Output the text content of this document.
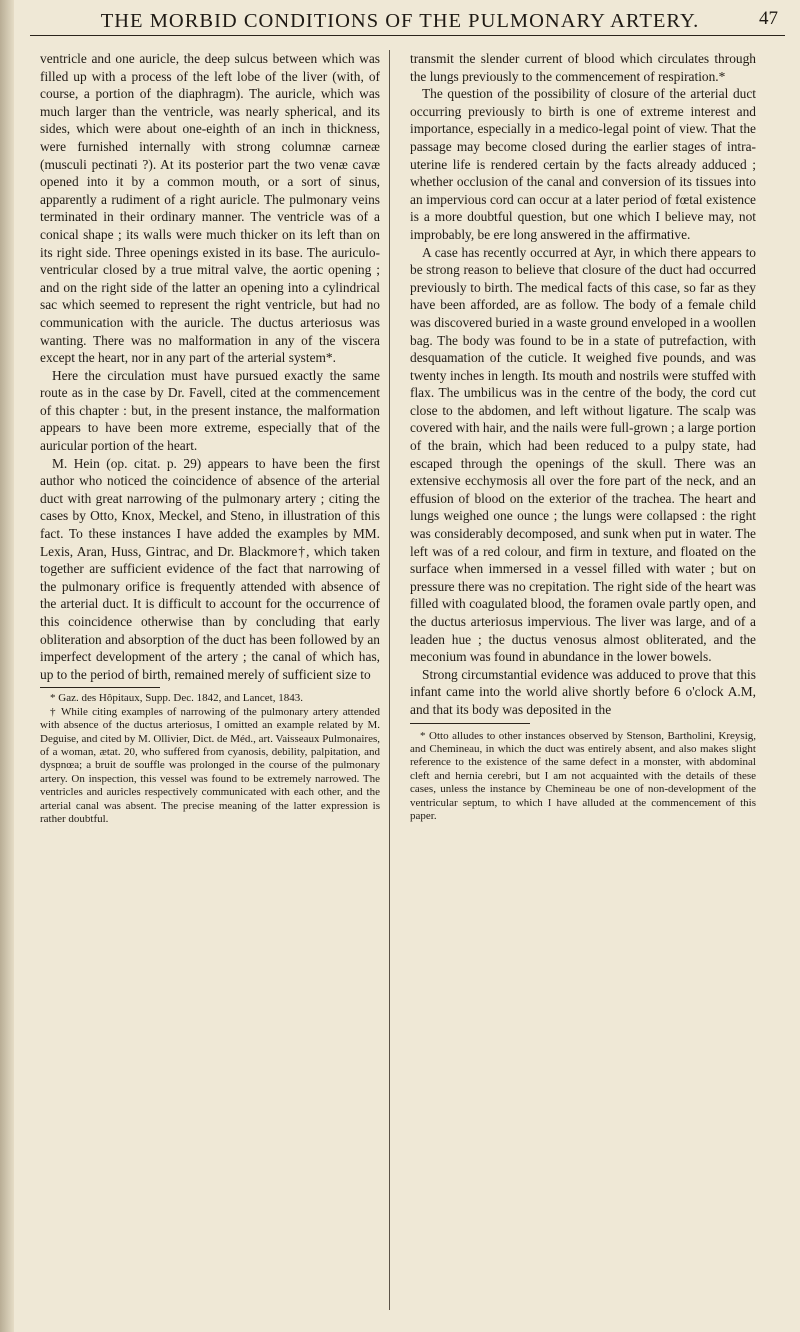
THE MORBID CONDITIONS OF THE PULMONARY ARTERY.	47

ventricle and one auricle, the deep sulcus between which was filled up with a process of the left lobe of the liver (with, of course, a portion of the diaphragm). The auricle, which was much larger than the ventricle, was nearly spherical, and its sides, which were about one-eighth of an inch in thickness, were furnished internally with strong columnæ carneæ (musculi pectinati ?). At its posterior part the two venæ cavæ opened into it by a common mouth, or a sort of sinus, apparently a rudiment of a right auricle. The pulmonary veins terminated in their ordinary manner. The ventricle was of a conical shape ; its walls were much thicker on its left than on its right side. Three openings existed in its base. The auriculo-ventricular closed by a true mitral valve, the aortic opening ; and on the right side of the latter an opening into a cylindrical sac which seemed to represent the right ventricle, but had no communication with the auricle. The ductus arteriosus was wanting. There was no malformation in any of the viscera except the heart, nor in any part of the arterial system*.

Here the circulation must have pursued exactly the same route as in the case by Dr. Favell, cited at the commencement of this chapter : but, in the present instance, the malformation appears to have been more extreme, especially that of the auricular portion of the heart.

M. Hein (op. citat. p. 29) appears to have been the first author who noticed the coincidence of absence of the arterial duct with great narrowing of the pulmonary artery ; citing the cases by Otto, Knox, Meckel, and Steno, in illustration of this fact. To these instances I have added the examples by MM. Lexis, Aran, Huss, Gintrac, and Dr. Blackmore†, which taken together are sufficient evidence of the fact that narrowing of the pulmonary orifice is frequently attended with absence of the arterial duct. It is difficult to account for the occurrence of this coincidence otherwise than by concluding that early obliteration and absorption of the duct has been followed by an imperfect development of the artery ; the canal of which has, up to the period of birth, remained merely of sufficient size to

* Gaz. des Hôpitaux, Supp. Dec. 1842, and Lancet, 1843.

† While citing examples of narrowing of the pulmonary artery attended with absence of the ductus arteriosus, I omitted an example related by M. Deguise, and cited by M. Ollivier, Dict. de Méd., art. Vaisseaux Pulmonaires, of a woman, ætat. 20, who suffered from cyanosis, debility, palpitation, and dyspnœa; a bruit de souffle was prolonged in the course of the pulmonary artery. On inspection, this vessel was found to be extremely narrowed. The ventricles and auricles respectively communicated with each other, and the arterial canal was absent. The precise meaning of the latter expression is rather doubtful.

transmit the slender current of blood which circulates through the lungs previously to the commencement of respiration.*

The question of the possibility of closure of the arterial duct occurring previously to birth is one of extreme interest and importance, especially in a medico-legal point of view. That the passage may become closed during the earlier stages of intra-uterine life is rendered certain by the facts already adduced ; whether occlusion of the canal and conversion of its tissues into an impervious cord can occur at a later period of fœtal existence is a more doubtful question, but one which I believe may, not improbably, be ere long answered in the affirmative.

A case has recently occurred at Ayr, in which there appears to be strong reason to believe that closure of the duct had occurred previously to birth. The medical facts of this case, so far as they have been afforded, are as follow. The body of a female child was discovered buried in a waste ground enveloped in a woollen bag. The body was found to be in a state of putrefaction, with desquamation of the cuticle. It weighed five pounds, and was twenty inches in length. Its mouth and nostrils were stuffed with flax. The umbilicus was in the centre of the body, the cord cut close to the abdomen, and left without ligature. The scalp was covered with hair, and the nails were full-grown ; a large portion of the brain, which had been reduced to a pulpy state, had escaped through the openings of the skull. There was an extensive ecchymosis all over the fore part of the neck, and an effusion of blood on the exterior of the trachea. The heart and lungs weighed one ounce ; the lungs were collapsed : the right was considerably decomposed, and sunk when put in water. The left was of a red colour, and firm in texture, and floated on the surface when immersed in a vessel filled with water ; but on pressure there was no crepitation. The right side of the heart was filled with coagulated blood, the foramen ovale partly open, and the ductus arteriosus impervious. The liver was large, and of a leaden hue ; the ductus venosus almost obliterated, and the meconium was found in abundance in the lower bowels.

Strong circumstantial evidence was adduced to prove that this infant came into the world alive shortly before 6 o'clock A.M, and that its body was deposited in the

* Otto alludes to other instances observed by Stenson, Bartholini, Kreysig, and Chemineau, in which the duct was entirely absent, and also makes slight reference to the existence of the same defect in a monster, with abdominal cleft and hernia cerebri, but I am not acquainted with the details of these cases, unless the instance by Chemineau be one of non-development of the ventricular septum, to which I have alluded at the commencement of this paper.
